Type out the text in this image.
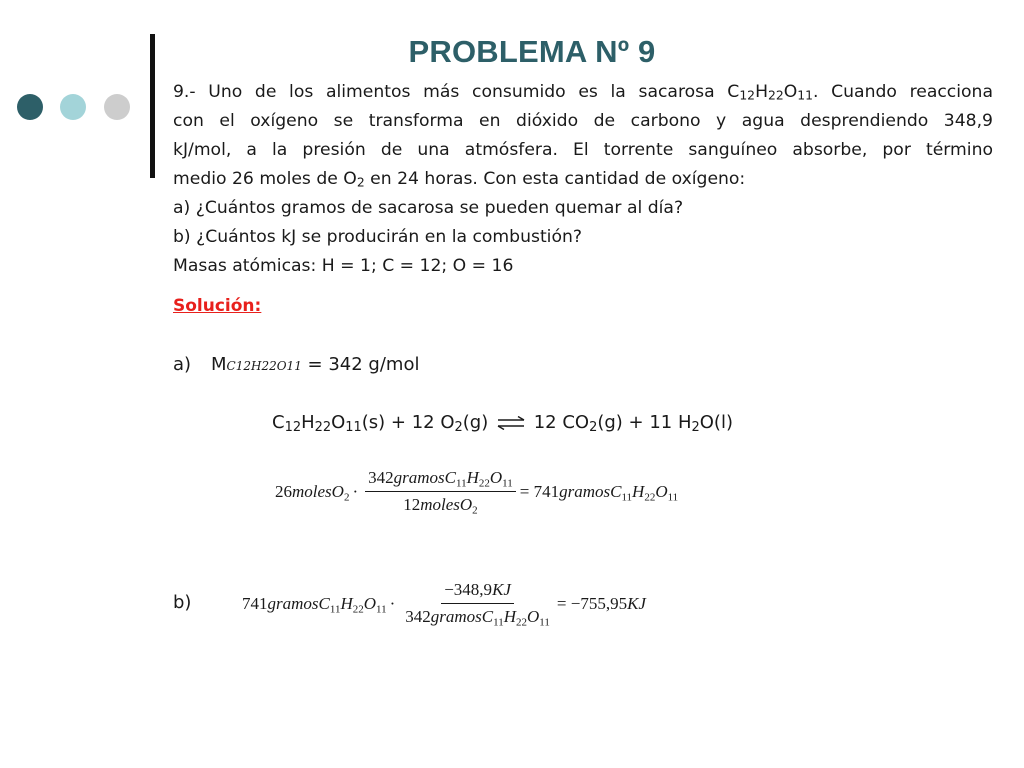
PROBLEMA Nº 9
9.- Uno de los alimentos más consumido es la sacarosa $C_{12}H_{22}O_{11}$. Cuando reacciona
con el oxígeno se transforma en dióxido de carbono y agua desprendiendo 348,9
kJ/mol, a la presión de una atmósfera. El torrente sanguíneo absorbe, por término
medio 26 moles de $O_2$ en 24 horas. Con esta cantidad de oxígeno:
a) ¿Cuántos gramos de sacarosa se pueden quemar al día?
b) ¿Cuántos kJ se producirán en la combustión?
Masas atómicas: H = 1; C = 12; O = 16
Solución:
a) MC12H22O11 = 342 g/mol
$C_{12}H_{22}O_{11}(s) + 12$ $O_2(g)$ ⇌ 12 $CO_2(g) + 11$ $H_2O(l)$
26molesO$_2$ · $\frac{342gramosC_{11}H_{22}O_{11}}{12molesO_2}$ = $741gramosC_{11}H_{22}O_{11}$
b)	$741gramosC_{11}H_{22}O_{11} \cdot \frac{-348,9KJ}{342gramosC_{11}H_{22}O_{11}} = -755,95KJ$
